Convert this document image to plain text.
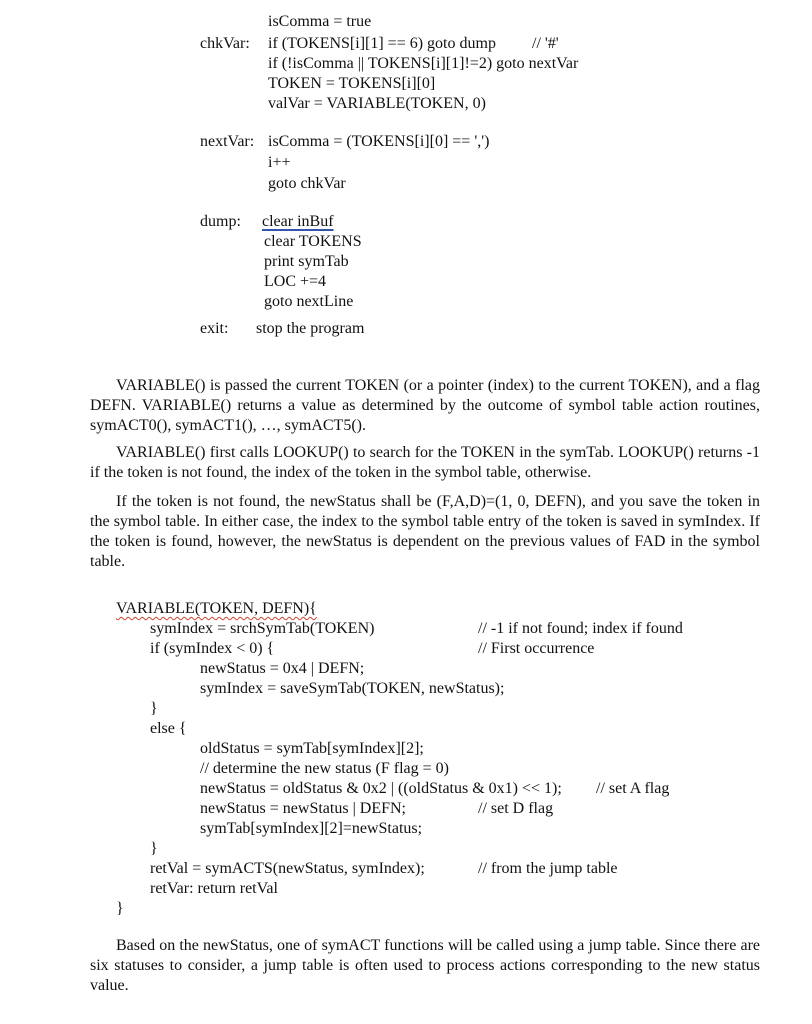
isComma = true
chkVar: if (TOKENS[i][1] == 6) goto dump // '#'
if (!isComma || TOKENS[i][1]!=2) goto nextVar
TOKEN = TOKENS[i][0]
valVar = VARIABLE(TOKEN, 0)
nextVar: isComma = (TOKENS[i][0] == ',')
i++
goto chkVar
dump: clear inBuf
clear TOKENS
print symTab
LOC +=4
goto nextLine
exit: stop the program

VARIABLE() is passed the current TOKEN (or a pointer (index) to the current TOKEN), and a flag DEFN. VARIABLE() returns a value as determined by the outcome of symbol table action routines, symACT0(), symACT1(), …, symACT5().

VARIABLE() first calls LOOKUP() to search for the TOKEN in the symTab. LOOKUP() returns -1 if the token is not found, the index of the token in the symbol table, otherwise.

If the token is not found, the newStatus shall be (F,A,D)=(1, 0, DEFN), and you save the token in the symbol table. In either case, the index to the symbol table entry of the token is saved in symIndex. If the token is found, however, the newStatus is dependent on the previous values of FAD in the symbol table.

VARIABLE(TOKEN, DEFN){
symIndex = srchSymTab(TOKEN)	// -1 if not found; index if found
if (symIndex < 0) {	// First occurrence
newStatus = 0x4 | DEFN;
symIndex = saveSymTab(TOKEN, newStatus);
}
else {
oldStatus = symTab[symIndex][2];
// determine the new status (F flag = 0)
newStatus = oldStatus & 0x2 | ((oldStatus & 0x1) << 1); // set A flag
newStatus = newStatus | DEFN;	// set D flag
symTab[symIndex][2]=newStatus;
}
retVal = symACTS(newStatus, symIndex);	// from the jump table
retVar: return retVal
}

Based on the newStatus, one of symACT functions will be called using a jump table. Since there are six statuses to consider, a jump table is often used to process actions corresponding to the new status value.
